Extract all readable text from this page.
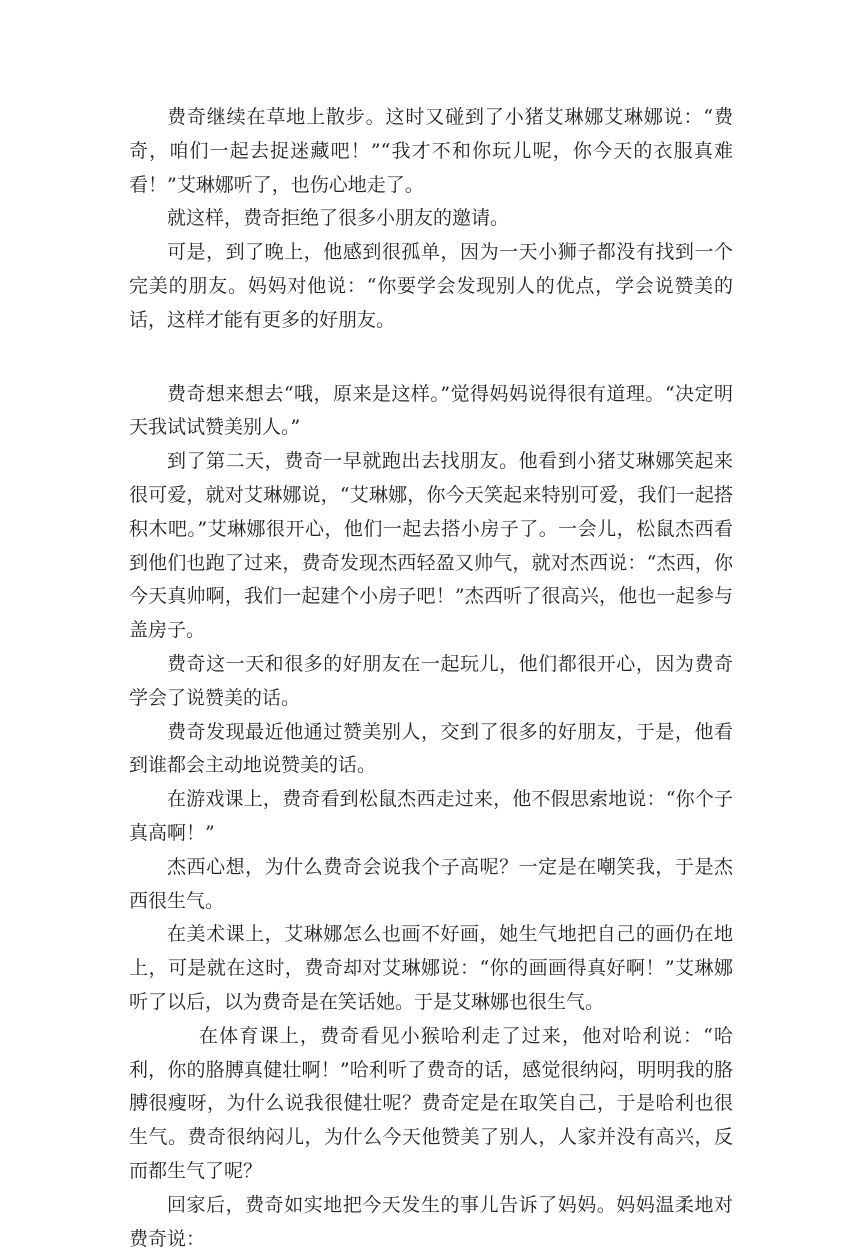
费奇继续在草地上散步。这时又碰到了小猪艾琳娜艾琳娜说：“费奇，咱们一起去捉迷藏吧！”“我才不和你玩儿呢，你今天的衣服真难看！”艾琳娜听了，也伤心地走了。

就这样，费奇拒绝了很多小朋友的邀请。

可是，到了晚上，他感到很孤单，因为一天小狮子都没有找到一个完美的朋友。妈妈对他说：“你要学会发现别人的优点，学会说赞美的话，这样才能有更多的好朋友。

费奇想来想去“哦，原来是这样。”觉得妈妈说得很有道理。“决定明天我试试赞美别人。”

到了第二天，费奇一早就跑出去找朋友。他看到小猪艾琳娜笑起来很可爱，就对艾琳娜说，“艾琳娜，你今天笑起来特别可爱，我们一起搭积木吧。”艾琳娜很开心，他们一起去搭小房子了。一会儿，松鼠杰西看到他们也跑了过来，费奇发现杰西轻盈又帅气，就对杰西说：“杰西，你今天真帅啊，我们一起建个小房子吧！”杰西听了很高兴，他也一起参与盖房子。

费奇这一天和很多的好朋友在一起玩儿，他们都很开心，因为费奇学会了说赞美的话。

费奇发现最近他通过赞美别人，交到了很多的好朋友，于是，他看到谁都会主动地说赞美的话。

在游戏课上，费奇看到松鼠杰西走过来，他不假思索地说：“你个子真高啊！”

杰西心想，为什么费奇会说我个子高呢？一定是在嘲笑我，于是杰西很生气。

在美术课上，艾琳娜怎么也画不好画，她生气地把自己的画仍在地上，可是就在这时，费奇却对艾琳娜说：“你的画画得真好啊！”艾琳娜听了以后，以为费奇是在笑话她。于是艾琳娜也很生气。

在体育课上，费奇看见小猴哈利走了过来，他对哈利说：“哈利，你的胳膊真健壮啊！”哈利听了费奇的话，感觉很纳闷，明明我的胳膊很瘦呀，为什么说我很健壮呢？费奇定是在取笑自己，于是哈利也很生气。费奇很纳闷儿，为什么今天他赞美了别人，人家并没有高兴，反而都生气了呢？

回家后，费奇如实地把今天发生的事儿告诉了妈妈。妈妈温柔地对费奇说：
